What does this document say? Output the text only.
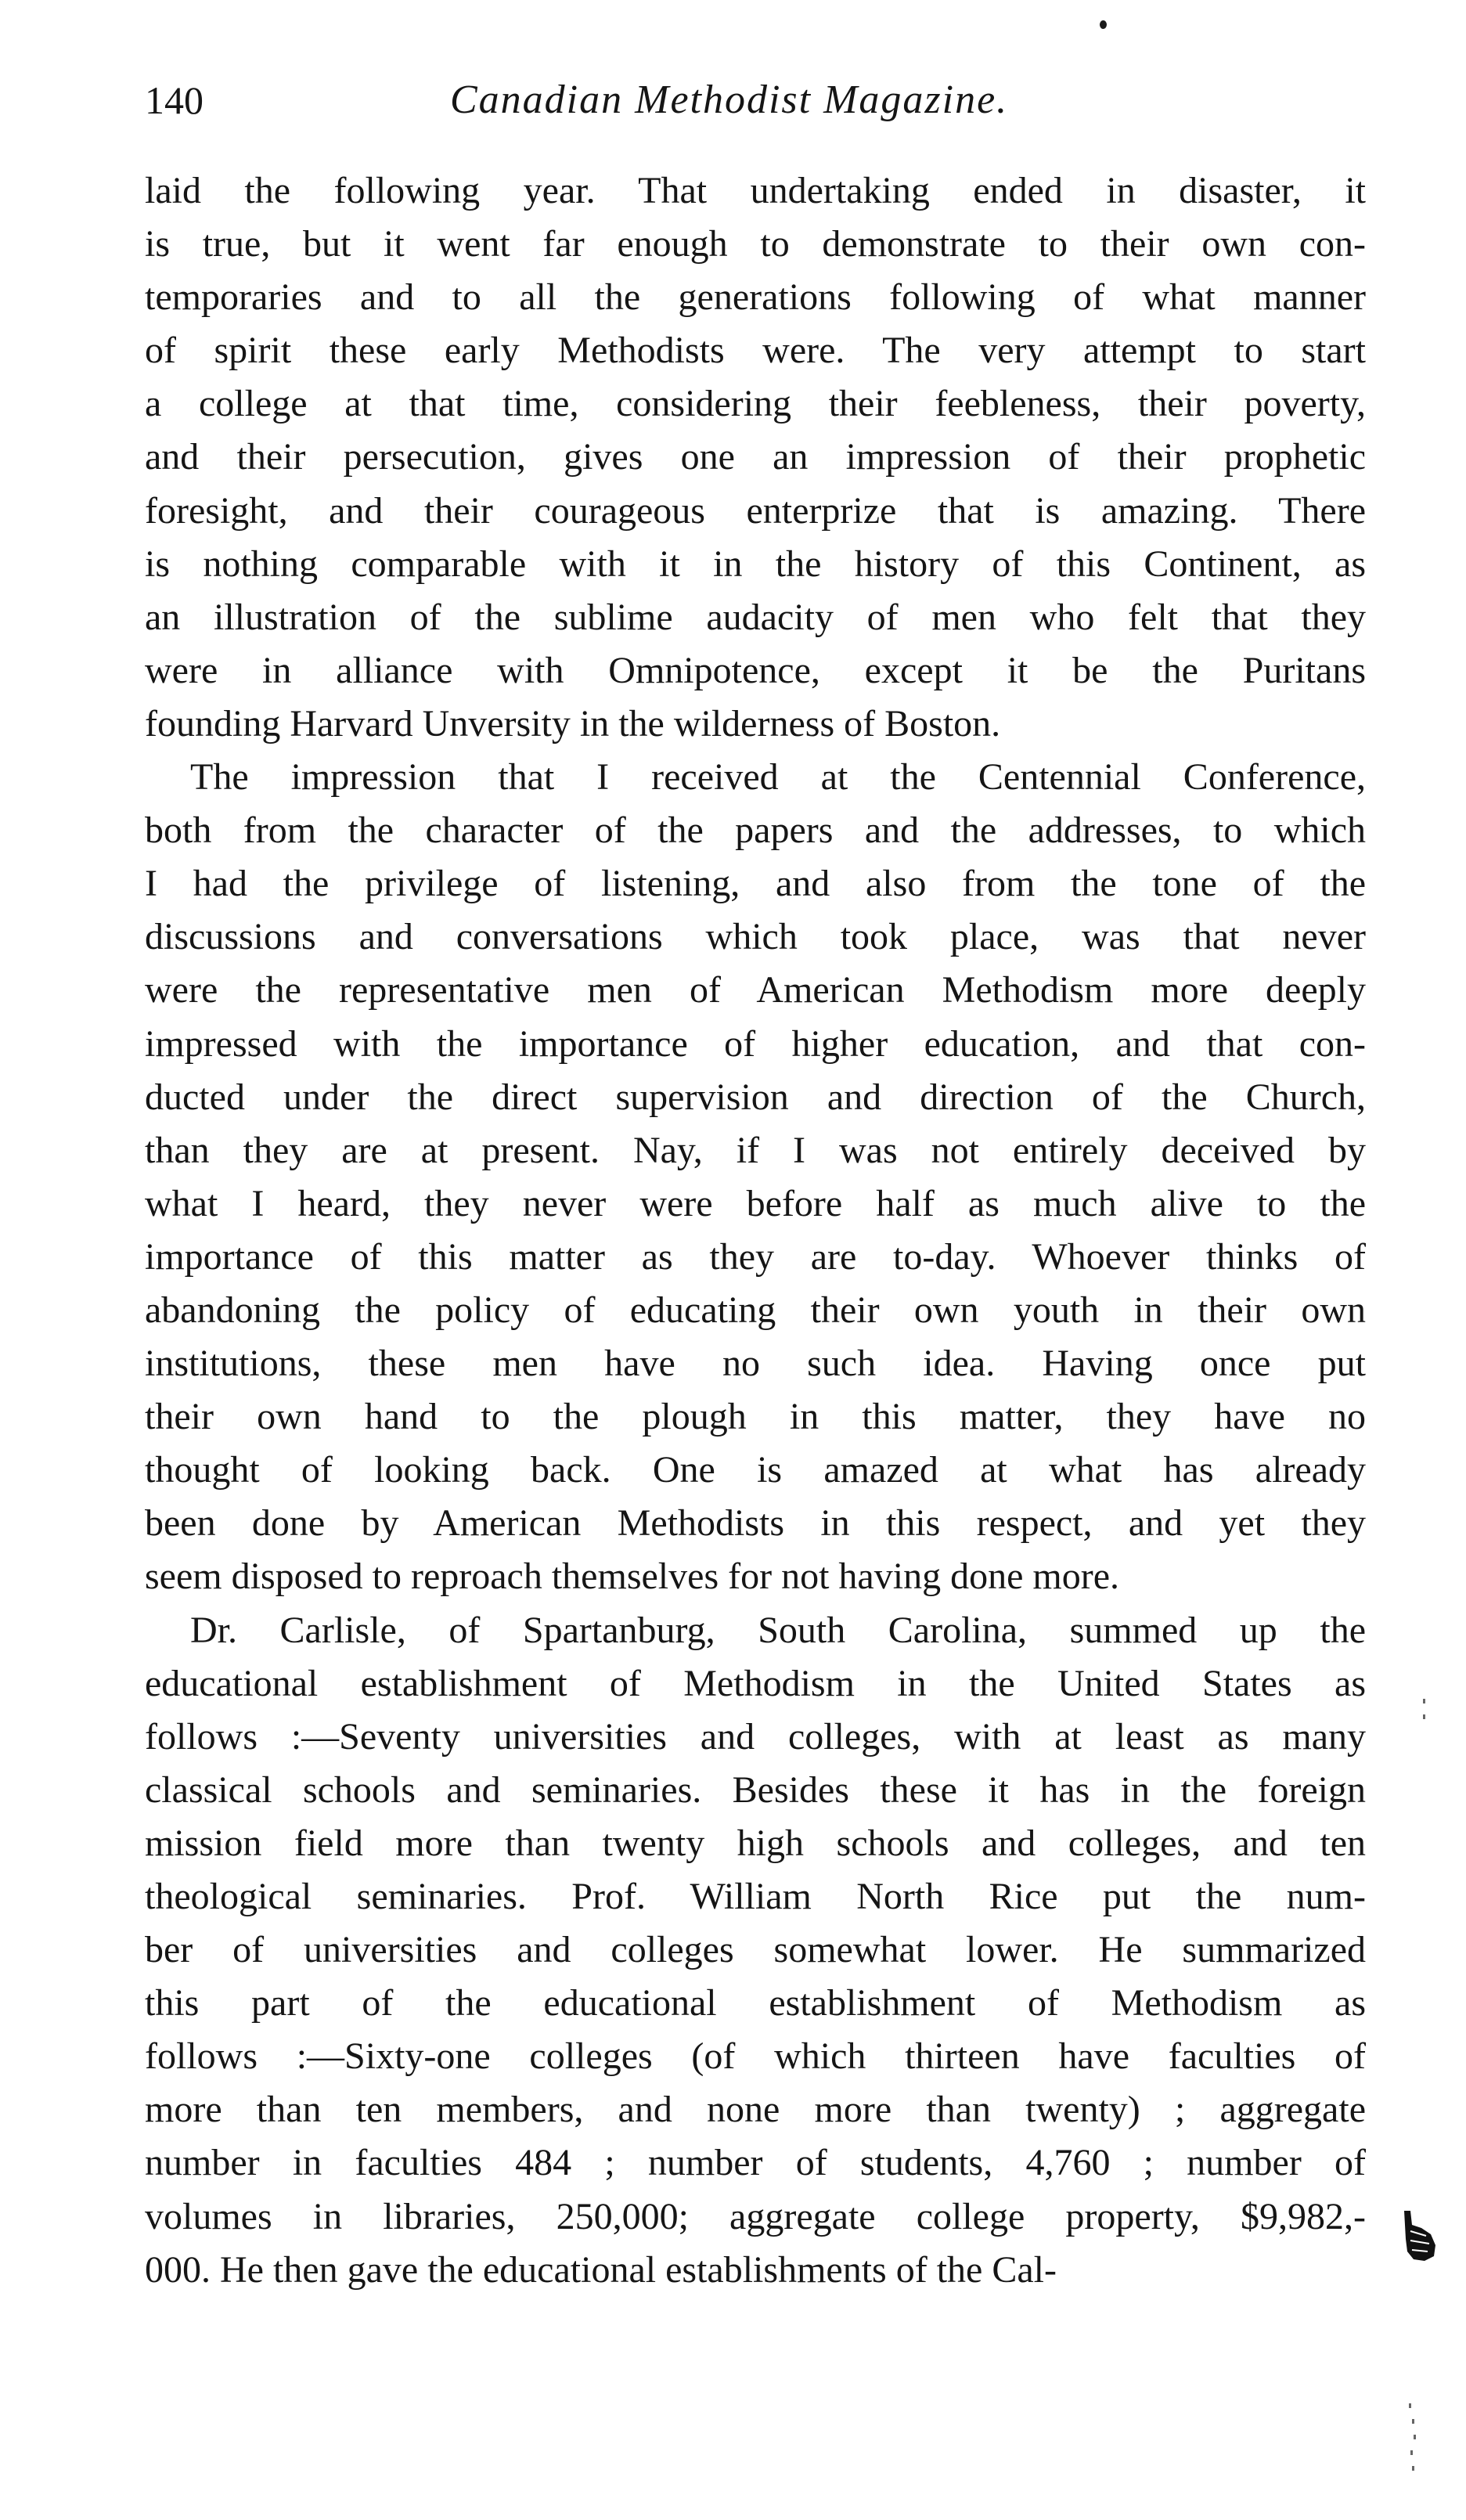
140	Canadian Methodist Magazine.

laid the following year. That undertaking ended in disaster, it
is true, but it went far enough to demonstrate to their own con-
temporaries and to all the generations following of what manner
of spirit these early Methodists were. The very attempt to start
a college at that time, considering their feebleness, their poverty,
and their persecution, gives one an impression of their prophetic
foresight, and their courageous enterprize that is amazing. There
is nothing comparable with it in the history of this Continent, as
an illustration of the sublime audacity of men who felt that they
were in alliance with Omnipotence, except it be the Puritans
founding Harvard Unversity in the wilderness of Boston.

The impression that I received at the Centennial Conference,
both from the character of the papers and the addresses, to which
I had the privilege of listening, and also from the tone of the
discussions and conversations which took place, was that never
were the representative men of American Methodism more deeply
impressed with the importance of higher education, and that con-
ducted under the direct supervision and direction of the Church,
than they are at present. Nay, if I was not entirely deceived by
what I heard, they never were before half as much alive to the
importance of this matter as they are to-day. Whoever thinks of
abandoning the policy of educating their own youth in their own
institutions, these men have no such idea. Having once put
their own hand to the plough in this matter, they have no
thought of looking back. One is amazed at what has already
been done by American Methodists in this respect, and yet they
seem disposed to reproach themselves for not having done more.

Dr. Carlisle, of Spartanburg, South Carolina, summed up the
educational establishment of Methodism in the United States as
follows :—Seventy universities and colleges, with at least as many
classical schools and seminaries. Besides these it has in the foreign
mission field more than twenty high schools and colleges, and ten
theological seminaries. Prof. William North Rice put the num-
ber of universities and colleges somewhat lower. He summarized
this part of the educational establishment of Methodism as
follows :—Sixty-one colleges (of which thirteen have faculties of
more than ten members, and none more than twenty) ; aggregate
number in faculties 484 ; number of students, 4,760 ; number of
volumes in libraries, 250,000; aggregate college property, $9,982,-
000. He then gave the educational establishments of the Cal-
